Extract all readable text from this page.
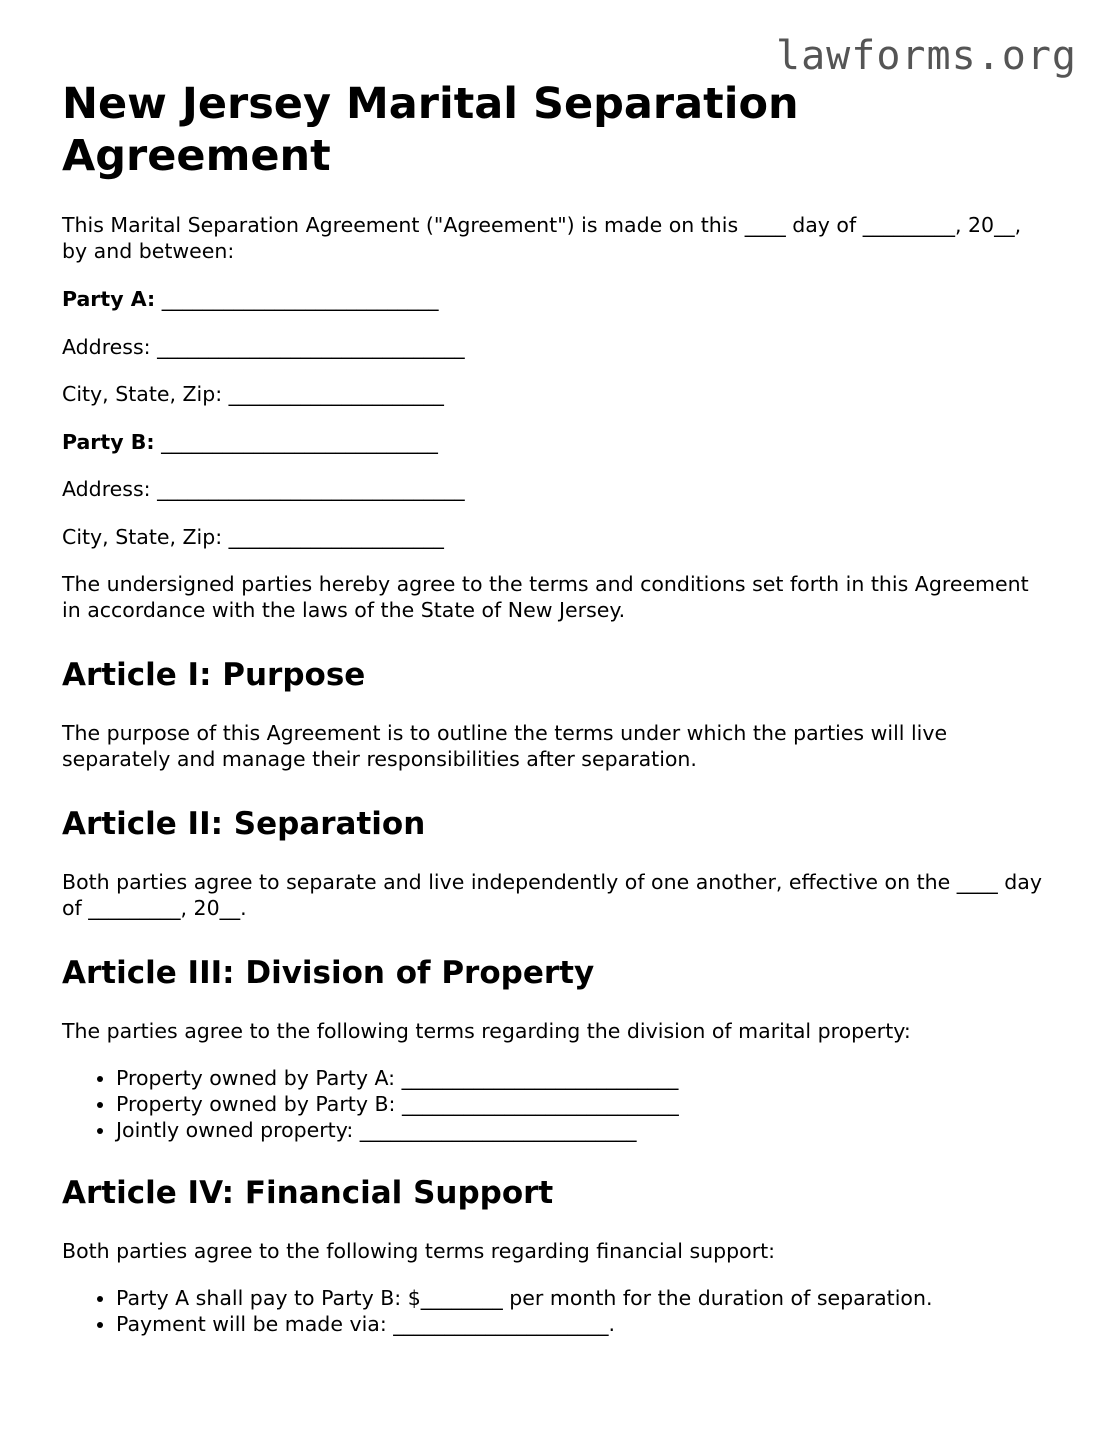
lawforms.org
New Jersey Marital Separation Agreement

This Marital Separation Agreement ("Agreement") is made on this ____ day of _________, 20__, by and between:

Party A: ___________________________

Address: ______________________________

City, State, Zip: _____________________

Party B: ___________________________

Address: ______________________________

City, State, Zip: _____________________

The undersigned parties hereby agree to the terms and conditions set forth in this Agreement in accordance with the laws of the State of New Jersey.

Article I: Purpose

The purpose of this Agreement is to outline the terms under which the parties will live separately and manage their responsibilities after separation.

Article II: Separation

Both parties agree to separate and live independently of one another, effective on the ____ day of _________, 20__.

Article III: Division of Property

The parties agree to the following terms regarding the division of marital property:

• Property owned by Party A: ___________________________
• Property owned by Party B: ___________________________
• Jointly owned property: ___________________________
Article IV: Financial Support

Both parties agree to the following terms regarding financial support:

• Party A shall pay to Party B: $________ per month for the duration of separation.
• Payment will be made via: _____________________.
